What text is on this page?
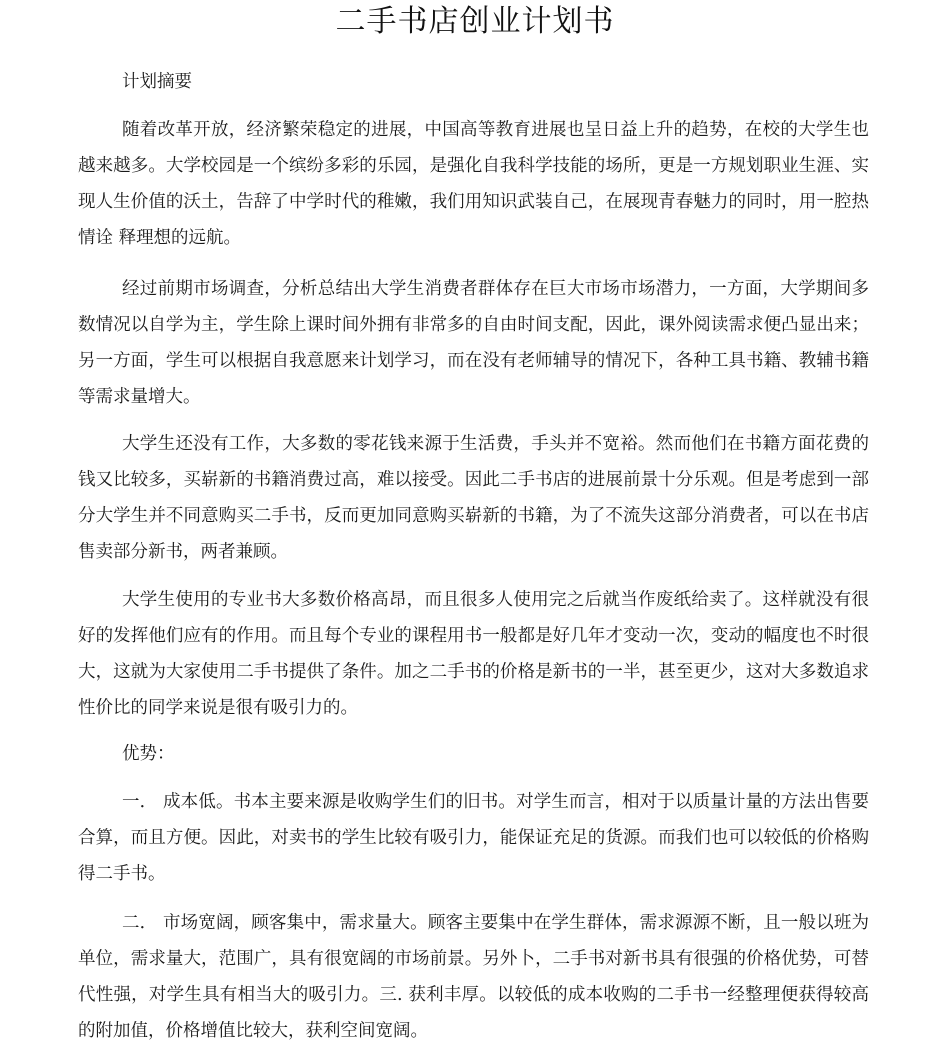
二手书店创业计划书
计划摘要
随着改革开放，经济繁荣稳定的进展，中国高等教育进展也呈日益上升的趋势，在校的大学生也越来越多。大学校园是一个缤纷多彩的乐园，是强化自我科学技能的场所，更是一方规划职业生涯、实现人生价值的沃土，告辞了中学时代的稚嫩，我们用知识武装自己，在展现青春魅力的同时，用一腔热情诠 释理想的远航。
经过前期市场调查，分析总结出大学生消费者群体存在巨大市场市场潜力，一方面，大学期间多数情况以自学为主，学生除上课时间外拥有非常多的自由时间支配，因此，课外阅读需求便凸显出来；另一方面，学生可以根据自我意愿来计划学习，而在没有老师辅导的情况下，各种工具书籍、教辅书籍等需求量增大。
大学生还没有工作，大多数的零花钱来源于生活费，手头并不宽裕。然而他们在书籍方面花费的钱又比较多，买崭新的书籍消费过高，难以接受。因此二手书店的进展前景十分乐观。但是考虑到一部分大学生并不同意购买二手书，反而更加同意购买崭新的书籍，为了不流失这部分消费者，可以在书店售卖部分新书，两者兼顾。
大学生使用的专业书大多数价格高昂，而且很多人使用完之后就当作废纸给卖了。这样就没有很好的发挥他们应有的作用。而且每个专业的课程用书一般都是好几年才变动一次，变动的幅度也不时很大，这就为大家使用二手书提供了条件。加之二手书的价格是新书的一半，甚至更少，这对大多数追求性价比的同学来说是很有吸引力的。
优势：
一． 成本低。书本主要来源是收购学生们的旧书。对学生而言，相对于以质量计量的方法出售要合算，而且方便。因此，对卖书的学生比较有吸引力，能保证充足的货源。而我们也可以较低的价格购得二手书。
二． 市场宽阔，顾客集中，需求量大。顾客主要集中在学生群体，需求源源不断，且一般以班为单位，需求量大，范围广，具有很宽阔的市场前景。另外卜，二手书对新书具有很强的价格优势，可替代性强，对学生具有相当大的吸引力。三. 获利丰厚。以较低的成本收购的二手书一经整理便获得较高的附加值，价格增值比较大，获利空间宽阔。
